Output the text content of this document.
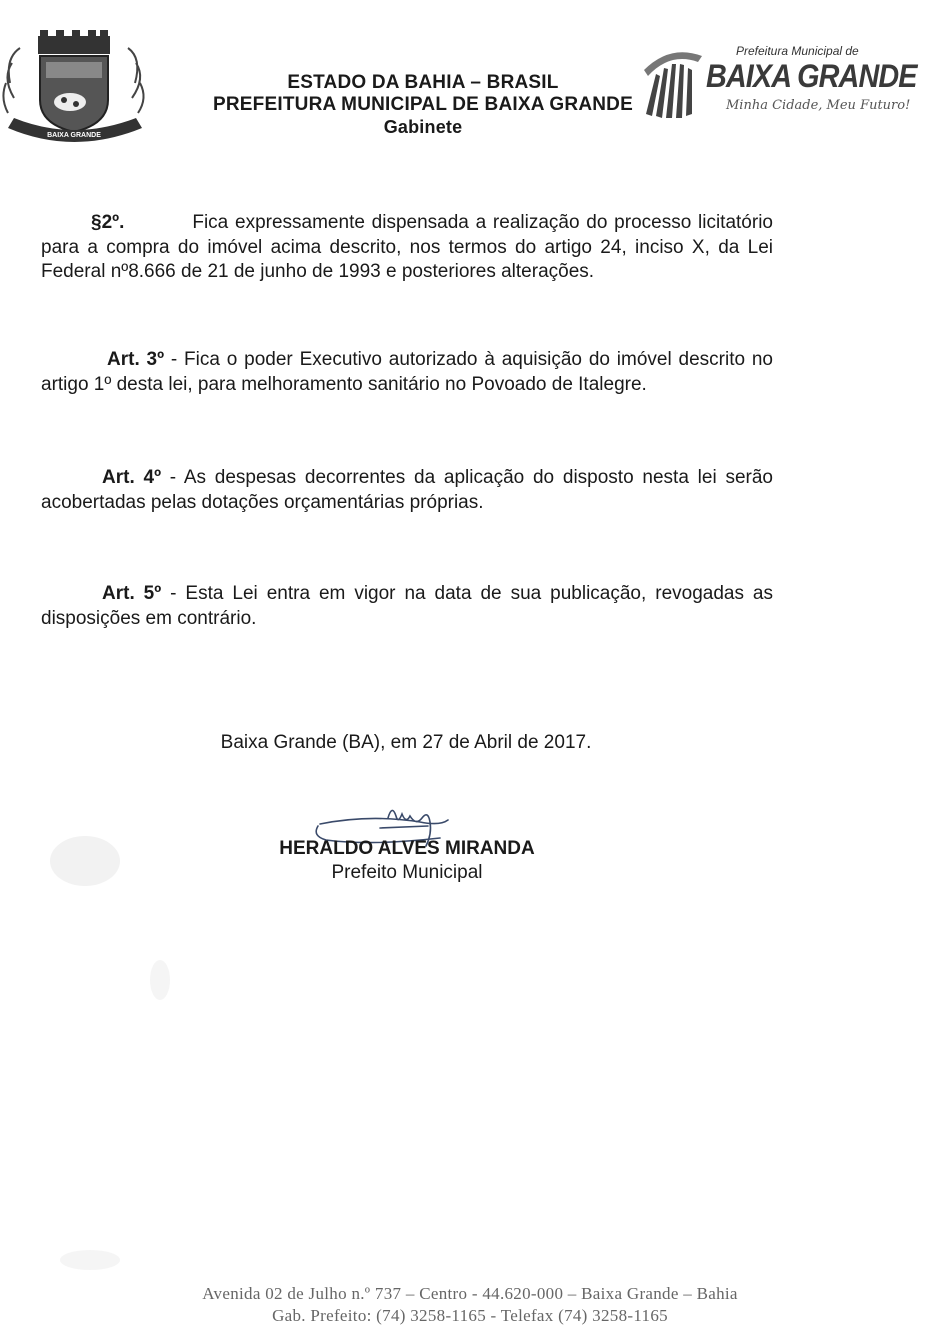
BAIXA GRANDE
ESTADO DA BAHIA – BRASIL
PREFEITURA MUNICIPAL DE BAIXA GRANDE
Gabinete
Prefeitura Municipal de
BAIXA GRANDE
Minha Cidade, Meu Futuro!
§2º.	Fica expressamente dispensada a realização do processo licitatório para a compra do imóvel acima descrito, nos termos do artigo 24, inciso X, da Lei Federal nº8.666 de 21 de junho de 1993 e posteriores alterações.
Art. 3º - Fica o poder Executivo autorizado à aquisição do imóvel descrito no artigo 1º desta lei, para melhoramento sanitário no Povoado de Italegre.
Art. 4º - As despesas decorrentes da aplicação do disposto nesta lei serão acobertadas pelas dotações orçamentárias próprias.
Art. 5º - Esta Lei entra em vigor na data de sua publicação, revogadas as disposições em contrário.
Baixa Grande (BA), em 27 de Abril de 2017.
HERALDO ALVES MIRANDA
Prefeito Municipal
Avenida 02 de Julho n.º 737 – Centro - 44.620-000 – Baixa Grande – Bahia
Gab. Prefeito: (74) 3258-1165 - Telefax (74) 3258-1165
